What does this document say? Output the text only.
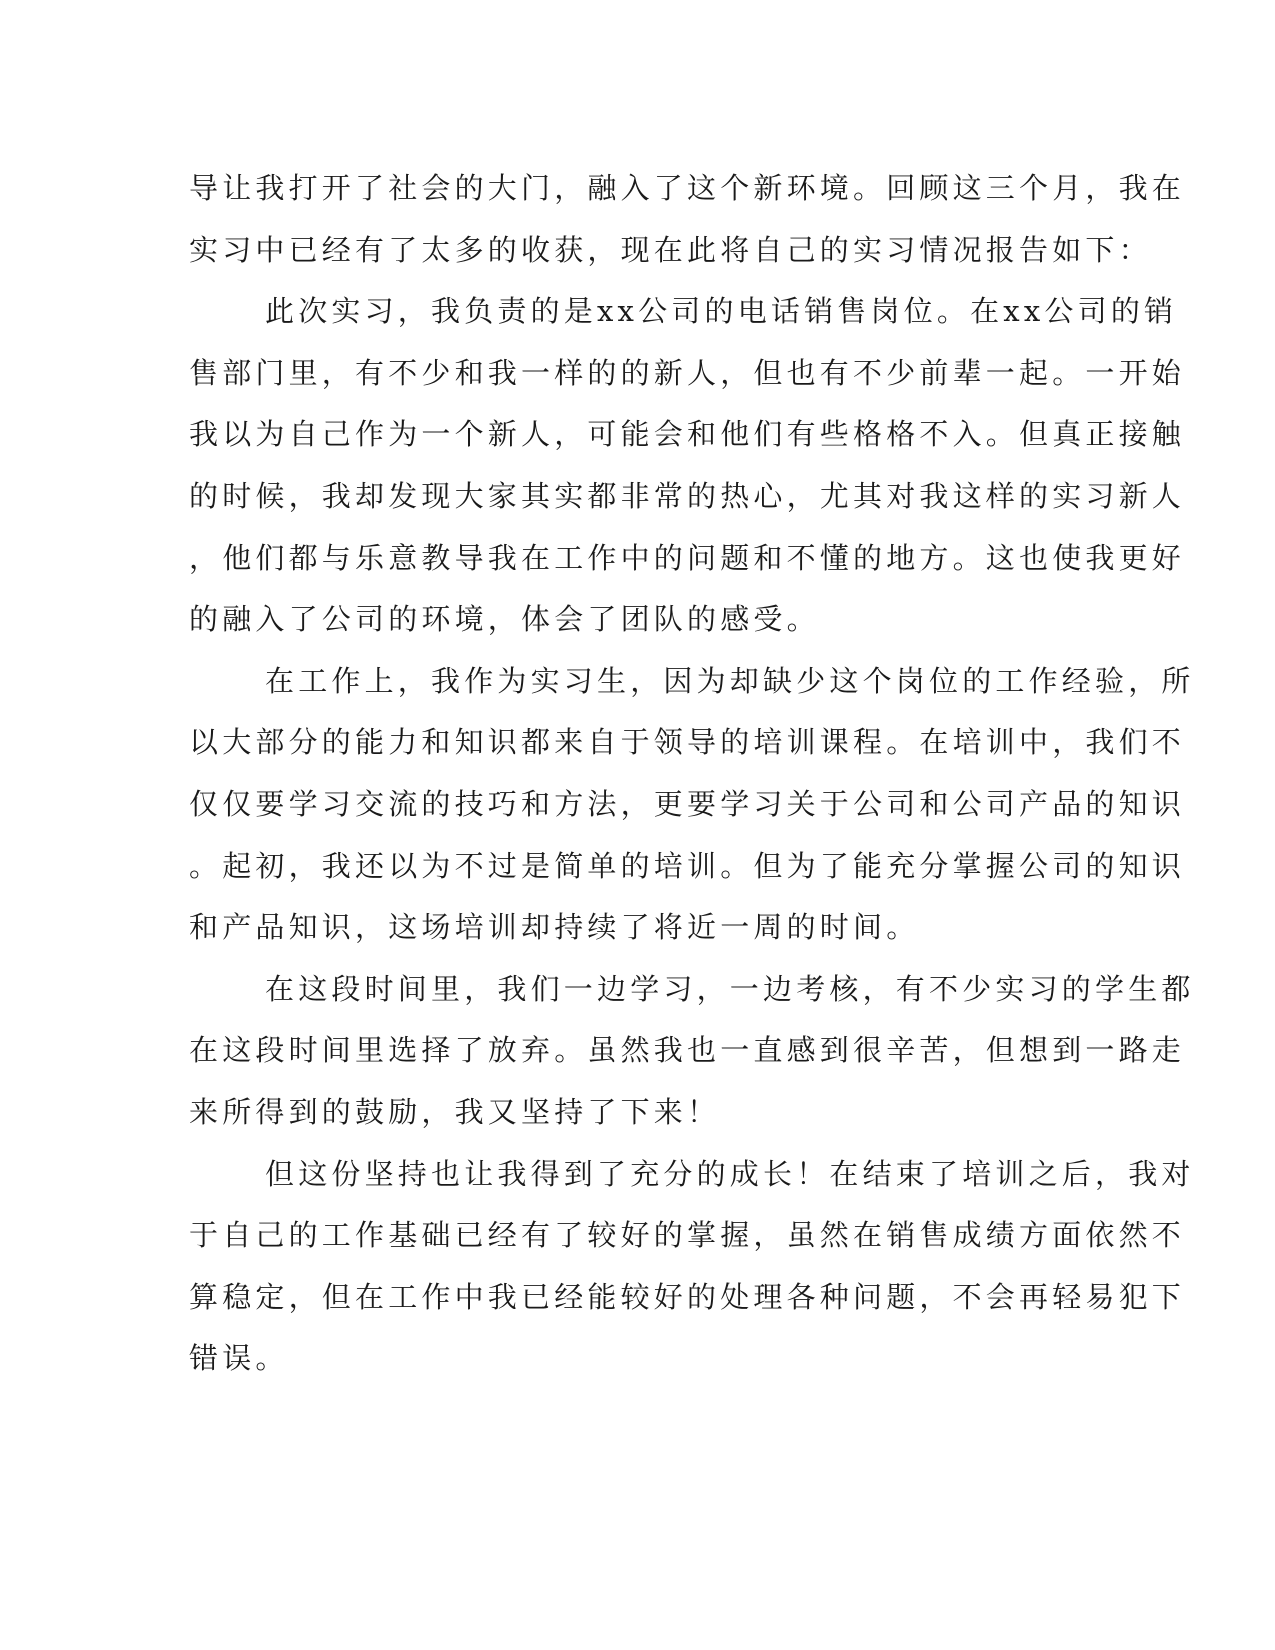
导让我打开了社会的大门，融入了这个新环境。回顾这三个月，我在
实习中已经有了太多的收获，现在此将自己的实习情况报告如下：
此次实习，我负责的是xx公司的电话销售岗位。在xx公司的销
售部门里，有不少和我一样的的新人，但也有不少前辈一起。一开始
我以为自己作为一个新人，可能会和他们有些格格不入。但真正接触
的时候，我却发现大家其实都非常的热心，尤其对我这样的实习新人
，他们都与乐意教导我在工作中的问题和不懂的地方。这也使我更好
的融入了公司的环境，体会了团队的感受。
在工作上，我作为实习生，因为却缺少这个岗位的工作经验，所
以大部分的能力和知识都来自于领导的培训课程。在培训中，我们不
仅仅要学习交流的技巧和方法，更要学习关于公司和公司产品的知识
。起初，我还以为不过是简单的培训。但为了能充分掌握公司的知识
和产品知识，这场培训却持续了将近一周的时间。
在这段时间里，我们一边学习，一边考核，有不少实习的学生都
在这段时间里选择了放弃。虽然我也一直感到很辛苦，但想到一路走
来所得到的鼓励，我又坚持了下来！
但这份坚持也让我得到了充分的成长！在结束了培训之后，我对
于自己的工作基础已经有了较好的掌握，虽然在销售成绩方面依然不
算稳定，但在工作中我已经能较好的处理各种问题，不会再轻易犯下
错误。
